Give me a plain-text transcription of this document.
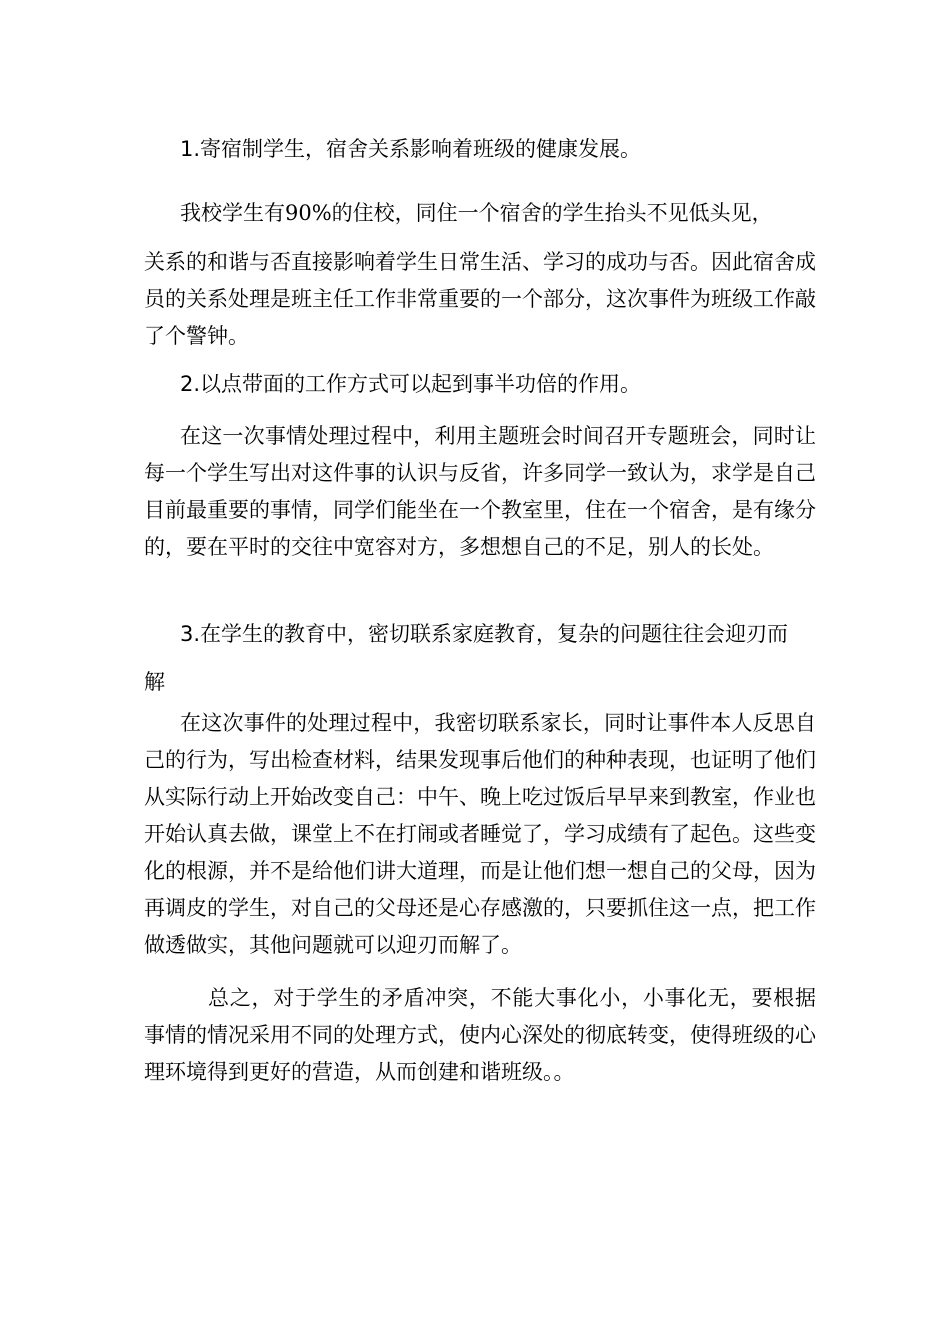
1.寄宿制学生，宿舍关系影响着班级的健康发展。

我校学生有90%的住校，同住一个宿舍的学生抬头不见低头见，

关系的和谐与否直接影响着学生日常生活、学习的成功与否。因此宿舍成员的关系处理是班主任工作非常重要的一个部分，这次事件为班级工作敲了个警钟。

2.以点带面的工作方式可以起到事半功倍的作用。

在这一次事情处理过程中，利用主题班会时间召开专题班会，同时让每一个学生写出对这件事的认识与反省，许多同学一致认为，求学是自己目前最重要的事情，同学们能坐在一个教室里，住在一个宿舍，是有缘分的，要在平时的交往中宽容对方，多想想自己的不足，别人的长处。

3.在学生的教育中，密切联系家庭教育，复杂的问题往往会迎刃而

解

在这次事件的处理过程中，我密切联系家长，同时让事件本人反思自己的行为，写出检查材料，结果发现事后他们的种种表现，也证明了他们从实际行动上开始改变自己：中午、晚上吃过饭后早早来到教室，作业也开始认真去做，课堂上不在打闹或者睡觉了，学习成绩有了起色。这些变化的根源，并不是给他们讲大道理，而是让他们想一想自己的父母，因为再调皮的学生，对自己的父母还是心存感激的，只要抓住这一点，把工作做透做实，其他问题就可以迎刃而解了。

总之，对于学生的矛盾冲突，不能大事化小，小事化无，要根据事情的情况采用不同的处理方式，使内心深处的彻底转变，使得班级的心理环境得到更好的营造，从而创建和谐班级。。
